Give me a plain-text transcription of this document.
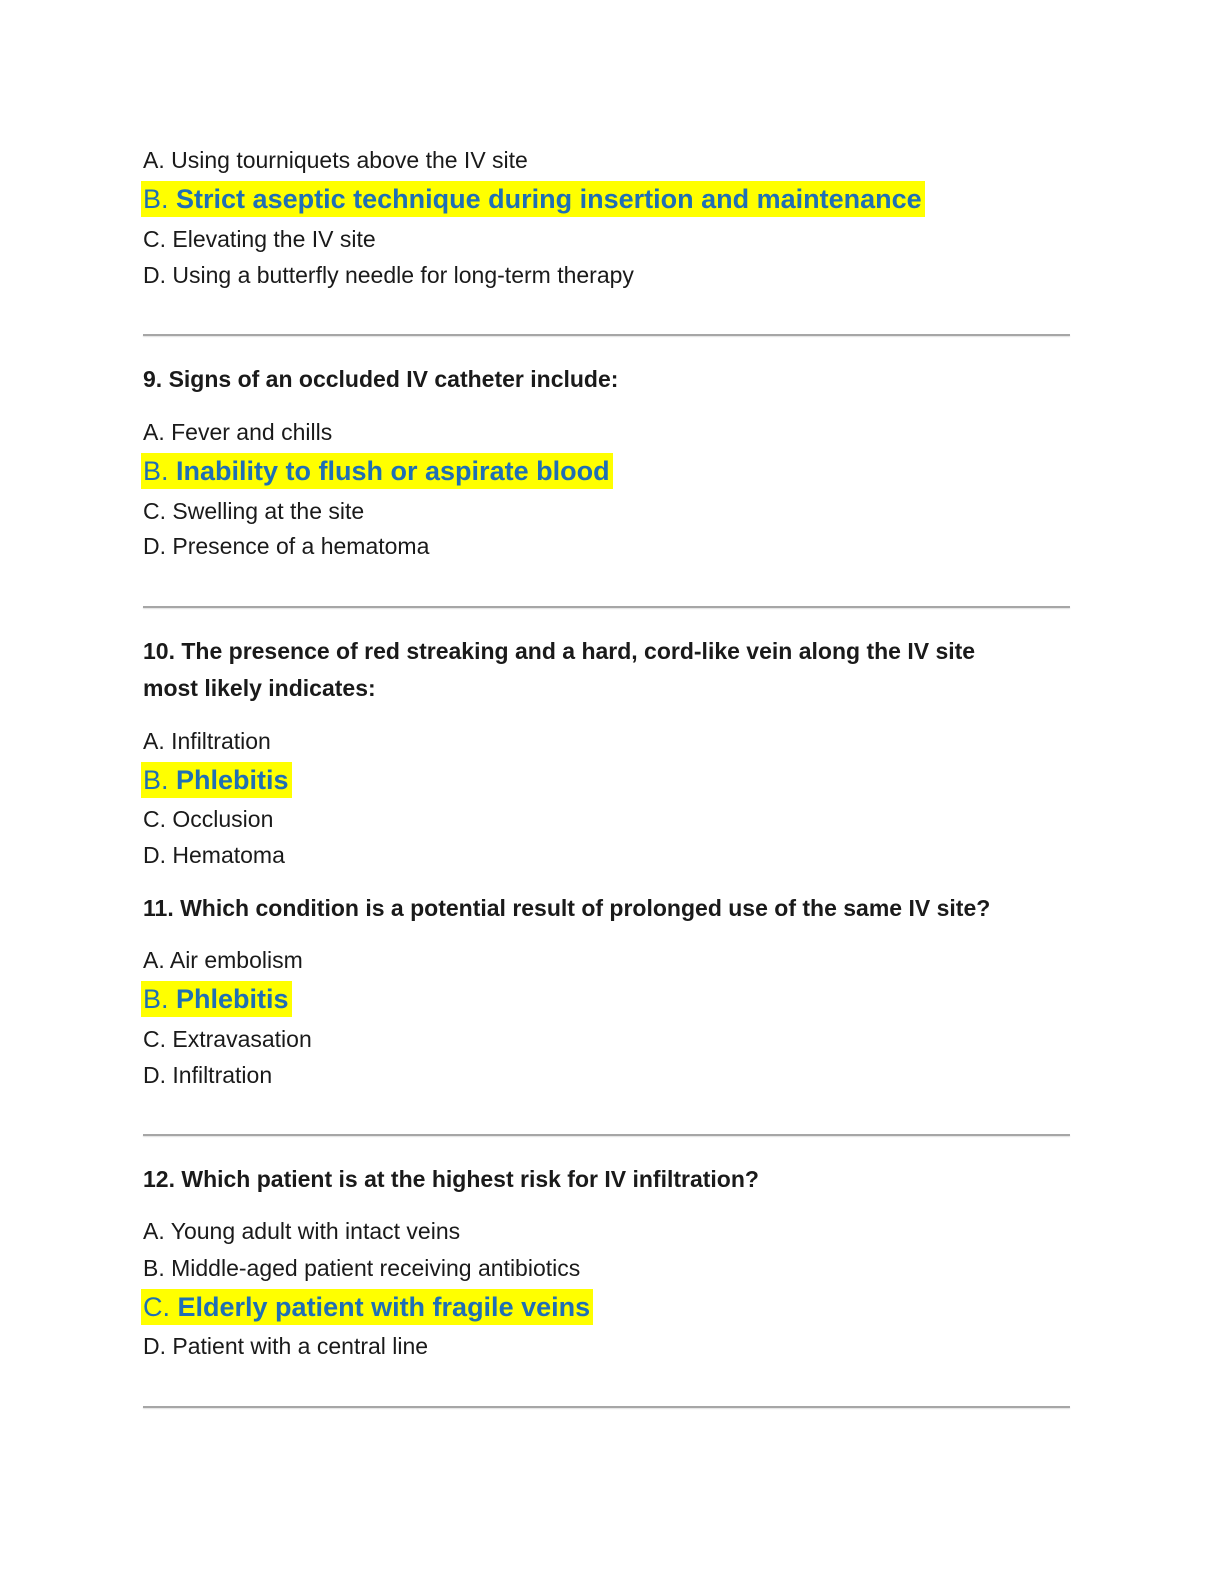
A. Using tourniquets above the IV site
B. Strict aseptic technique during insertion and maintenance
C. Elevating the IV site
D. Using a butterfly needle for long-term therapy
9. Signs of an occluded IV catheter include:
A. Fever and chills
B. Inability to flush or aspirate blood
C. Swelling at the site
D. Presence of a hematoma
10. The presence of red streaking and a hard, cord-like vein along the IV site
most likely indicates:
A. Infiltration
B. Phlebitis
C. Occlusion
D. Hematoma
11. Which condition is a potential result of prolonged use of the same IV site?
A. Air embolism
B. Phlebitis
C. Extravasation
D. Infiltration
12. Which patient is at the highest risk for IV infiltration?
A. Young adult with intact veins
B. Middle-aged patient receiving antibiotics
C. Elderly patient with fragile veins
D. Patient with a central line
